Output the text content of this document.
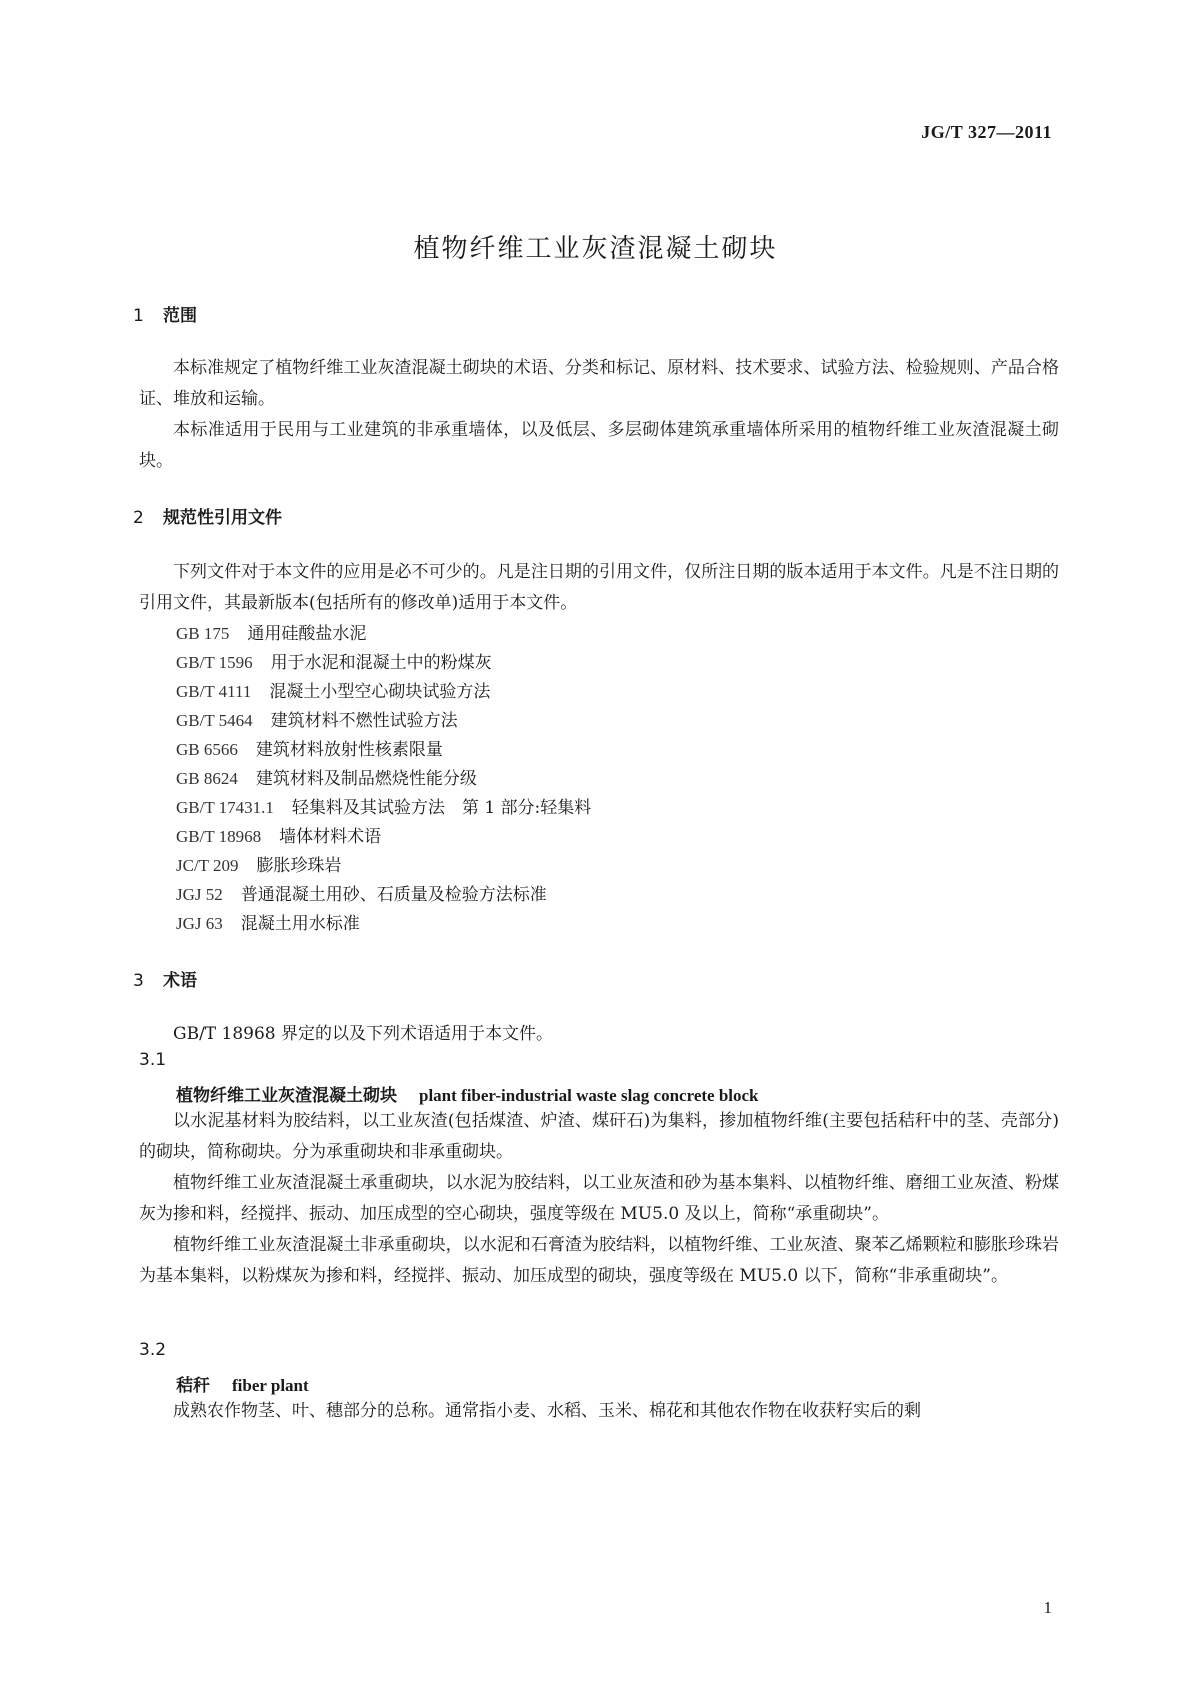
JG/T 327—2011
植物纤维工业灰渣混凝土砌块
1 范围

本标准规定了植物纤维工业灰渣混凝土砌块的术语、分类和标记、原材料、技术要求、试验方法、检验规则、产品合格证、堆放和运输。

本标准适用于民用与工业建筑的非承重墙体，以及低层、多层砌体建筑承重墙体所采用的植物纤维工业灰渣混凝土砌块。

2 规范性引用文件

下列文件对于本文件的应用是必不可少的。凡是注日期的引用文件，仅所注日期的版本适用于本文件。凡是不注日期的引用文件，其最新版本(包括所有的修改单)适用于本文件。

GB 175 通用硅酸盐水泥
GB/T 1596 用于水泥和混凝土中的粉煤灰
GB/T 4111 混凝土小型空心砌块试验方法
GB/T 5464 建筑材料不燃性试验方法
GB 6566 建筑材料放射性核素限量
GB 8624 建筑材料及制品燃烧性能分级
GB/T 17431.1 轻集料及其试验方法　第 1 部分:轻集料
GB/T 18968 墙体材料术语
JC/T 209 膨胀珍珠岩
JGJ 52 普通混凝土用砂、石质量及检验方法标准
JGJ 63 混凝土用水标准
3 术语

GB/T 18968 界定的以及下列术语适用于本文件。

3.1
植物纤维工业灰渣混凝土砌块 plant fiber-industrial waste slag concrete block

以水泥基材料为胶结料，以工业灰渣(包括煤渣、炉渣、煤矸石)为集料，掺加植物纤维(主要包括秸秆中的茎、壳部分)的砌块，简称砌块。分为承重砌块和非承重砌块。

植物纤维工业灰渣混凝土承重砌块，以水泥为胶结料，以工业灰渣和砂为基本集料、以植物纤维、磨细工业灰渣、粉煤灰为掺和料，经搅拌、振动、加压成型的空心砌块，强度等级在 MU5.0 及以上，简称“承重砌块”。

植物纤维工业灰渣混凝土非承重砌块，以水泥和石膏渣为胶结料，以植物纤维、工业灰渣、聚苯乙烯颗粒和膨胀珍珠岩为基本集料，以粉煤灰为掺和料，经搅拌、振动、加压成型的砌块，强度等级在 MU5.0 以下，简称“非承重砌块”。

3.2
秸秆 fiber plant

成熟农作物茎、叶、穗部分的总称。通常指小麦、水稻、玉米、棉花和其他农作物在收获籽实后的剩

1
